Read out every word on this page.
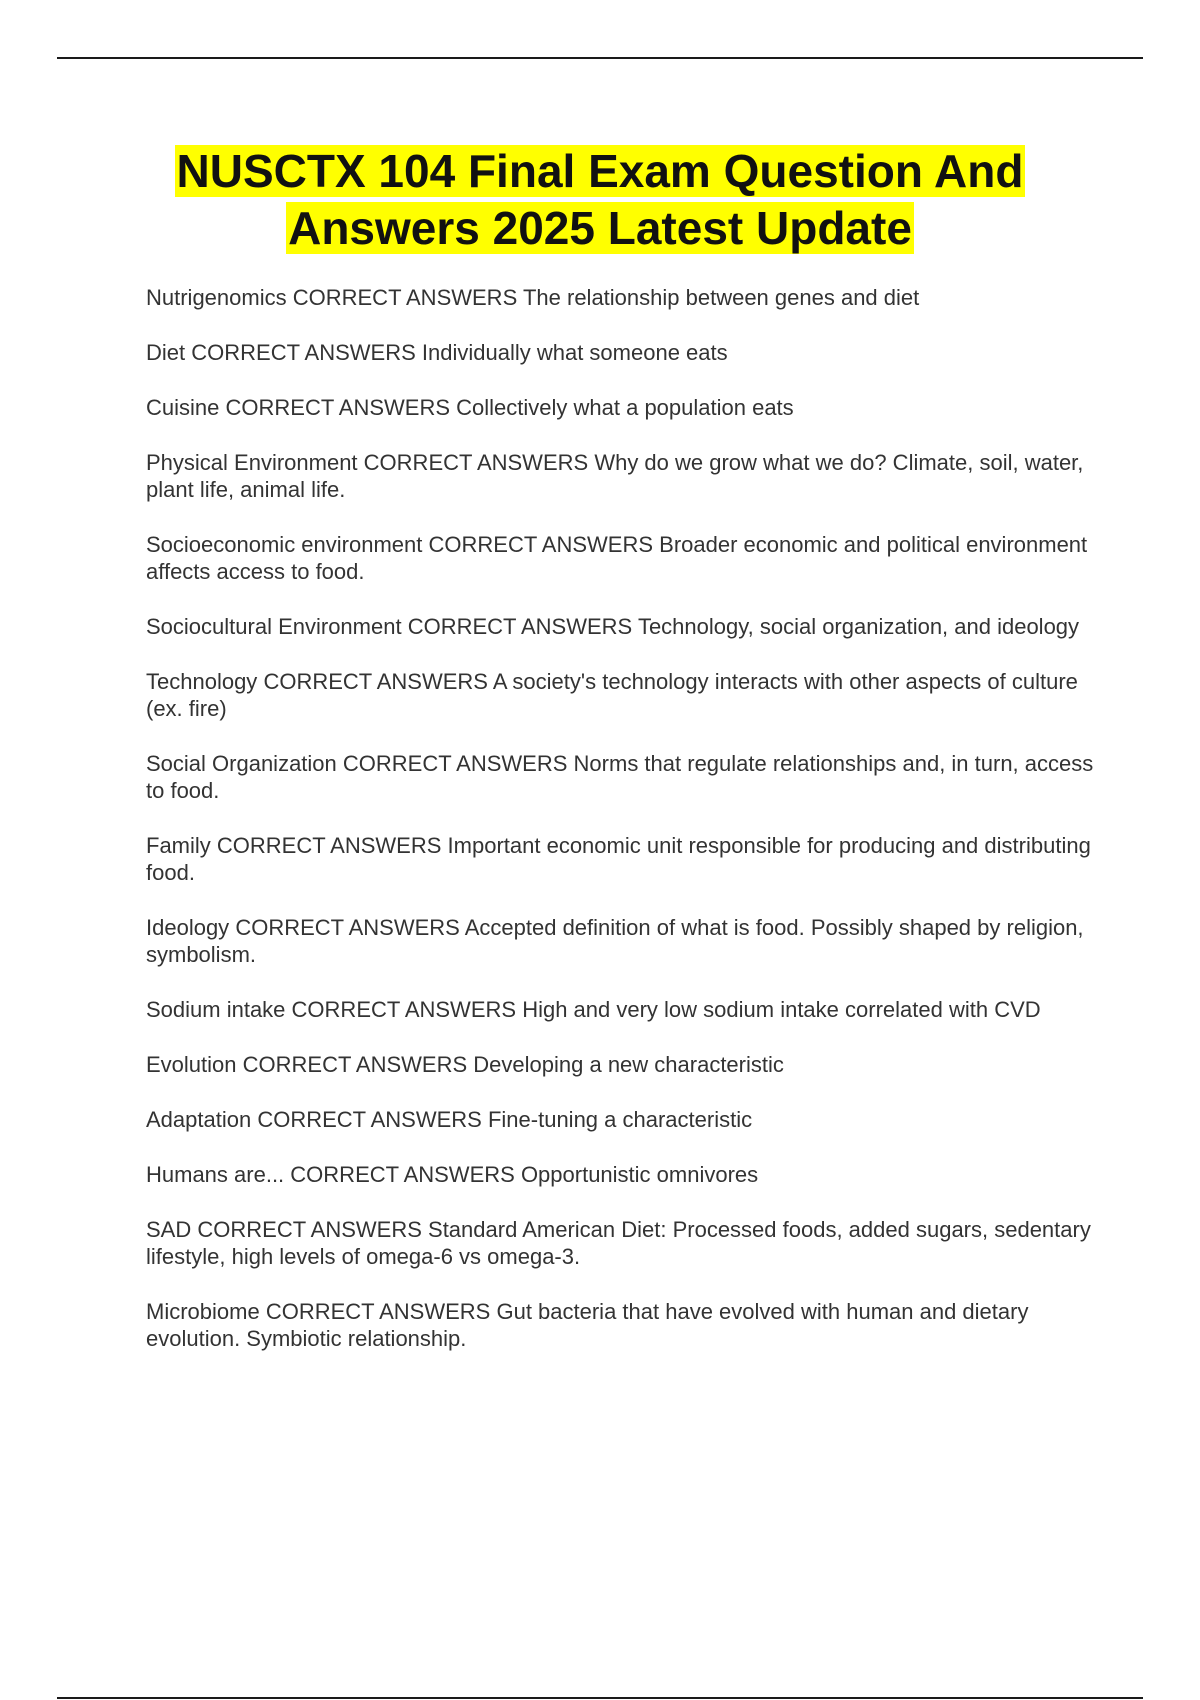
NUSCTX 104 Final Exam Question And
Answers 2025 Latest Update
Nutrigenomics CORRECT ANSWERS The relationship between genes and diet
Diet CORRECT ANSWERS Individually what someone eats
Cuisine CORRECT ANSWERS Collectively what a population eats
Physical Environment CORRECT ANSWERS Why do we grow what we do? Climate, soil, water, plant life, animal life.
Socioeconomic environment CORRECT ANSWERS Broader economic and political environment affects access to food.
Sociocultural Environment CORRECT ANSWERS Technology, social organization, and ideology
Technology CORRECT ANSWERS A society's technology interacts with other aspects of culture (ex. fire)
Social Organization CORRECT ANSWERS Norms that regulate relationships and, in turn, access to food.
Family CORRECT ANSWERS Important economic unit responsible for producing and distributing food.
Ideology CORRECT ANSWERS Accepted definition of what is food. Possibly shaped by religion, symbolism.
Sodium intake CORRECT ANSWERS High and very low sodium intake correlated with CVD
Evolution CORRECT ANSWERS Developing a new characteristic
Adaptation CORRECT ANSWERS Fine-tuning a characteristic
Humans are... CORRECT ANSWERS Opportunistic omnivores
SAD CORRECT ANSWERS Standard American Diet: Processed foods, added sugars, sedentary lifestyle, high levels of omega-6 vs omega-3.
Microbiome CORRECT ANSWERS Gut bacteria that have evolved with human and dietary evolution. Symbiotic relationship.
